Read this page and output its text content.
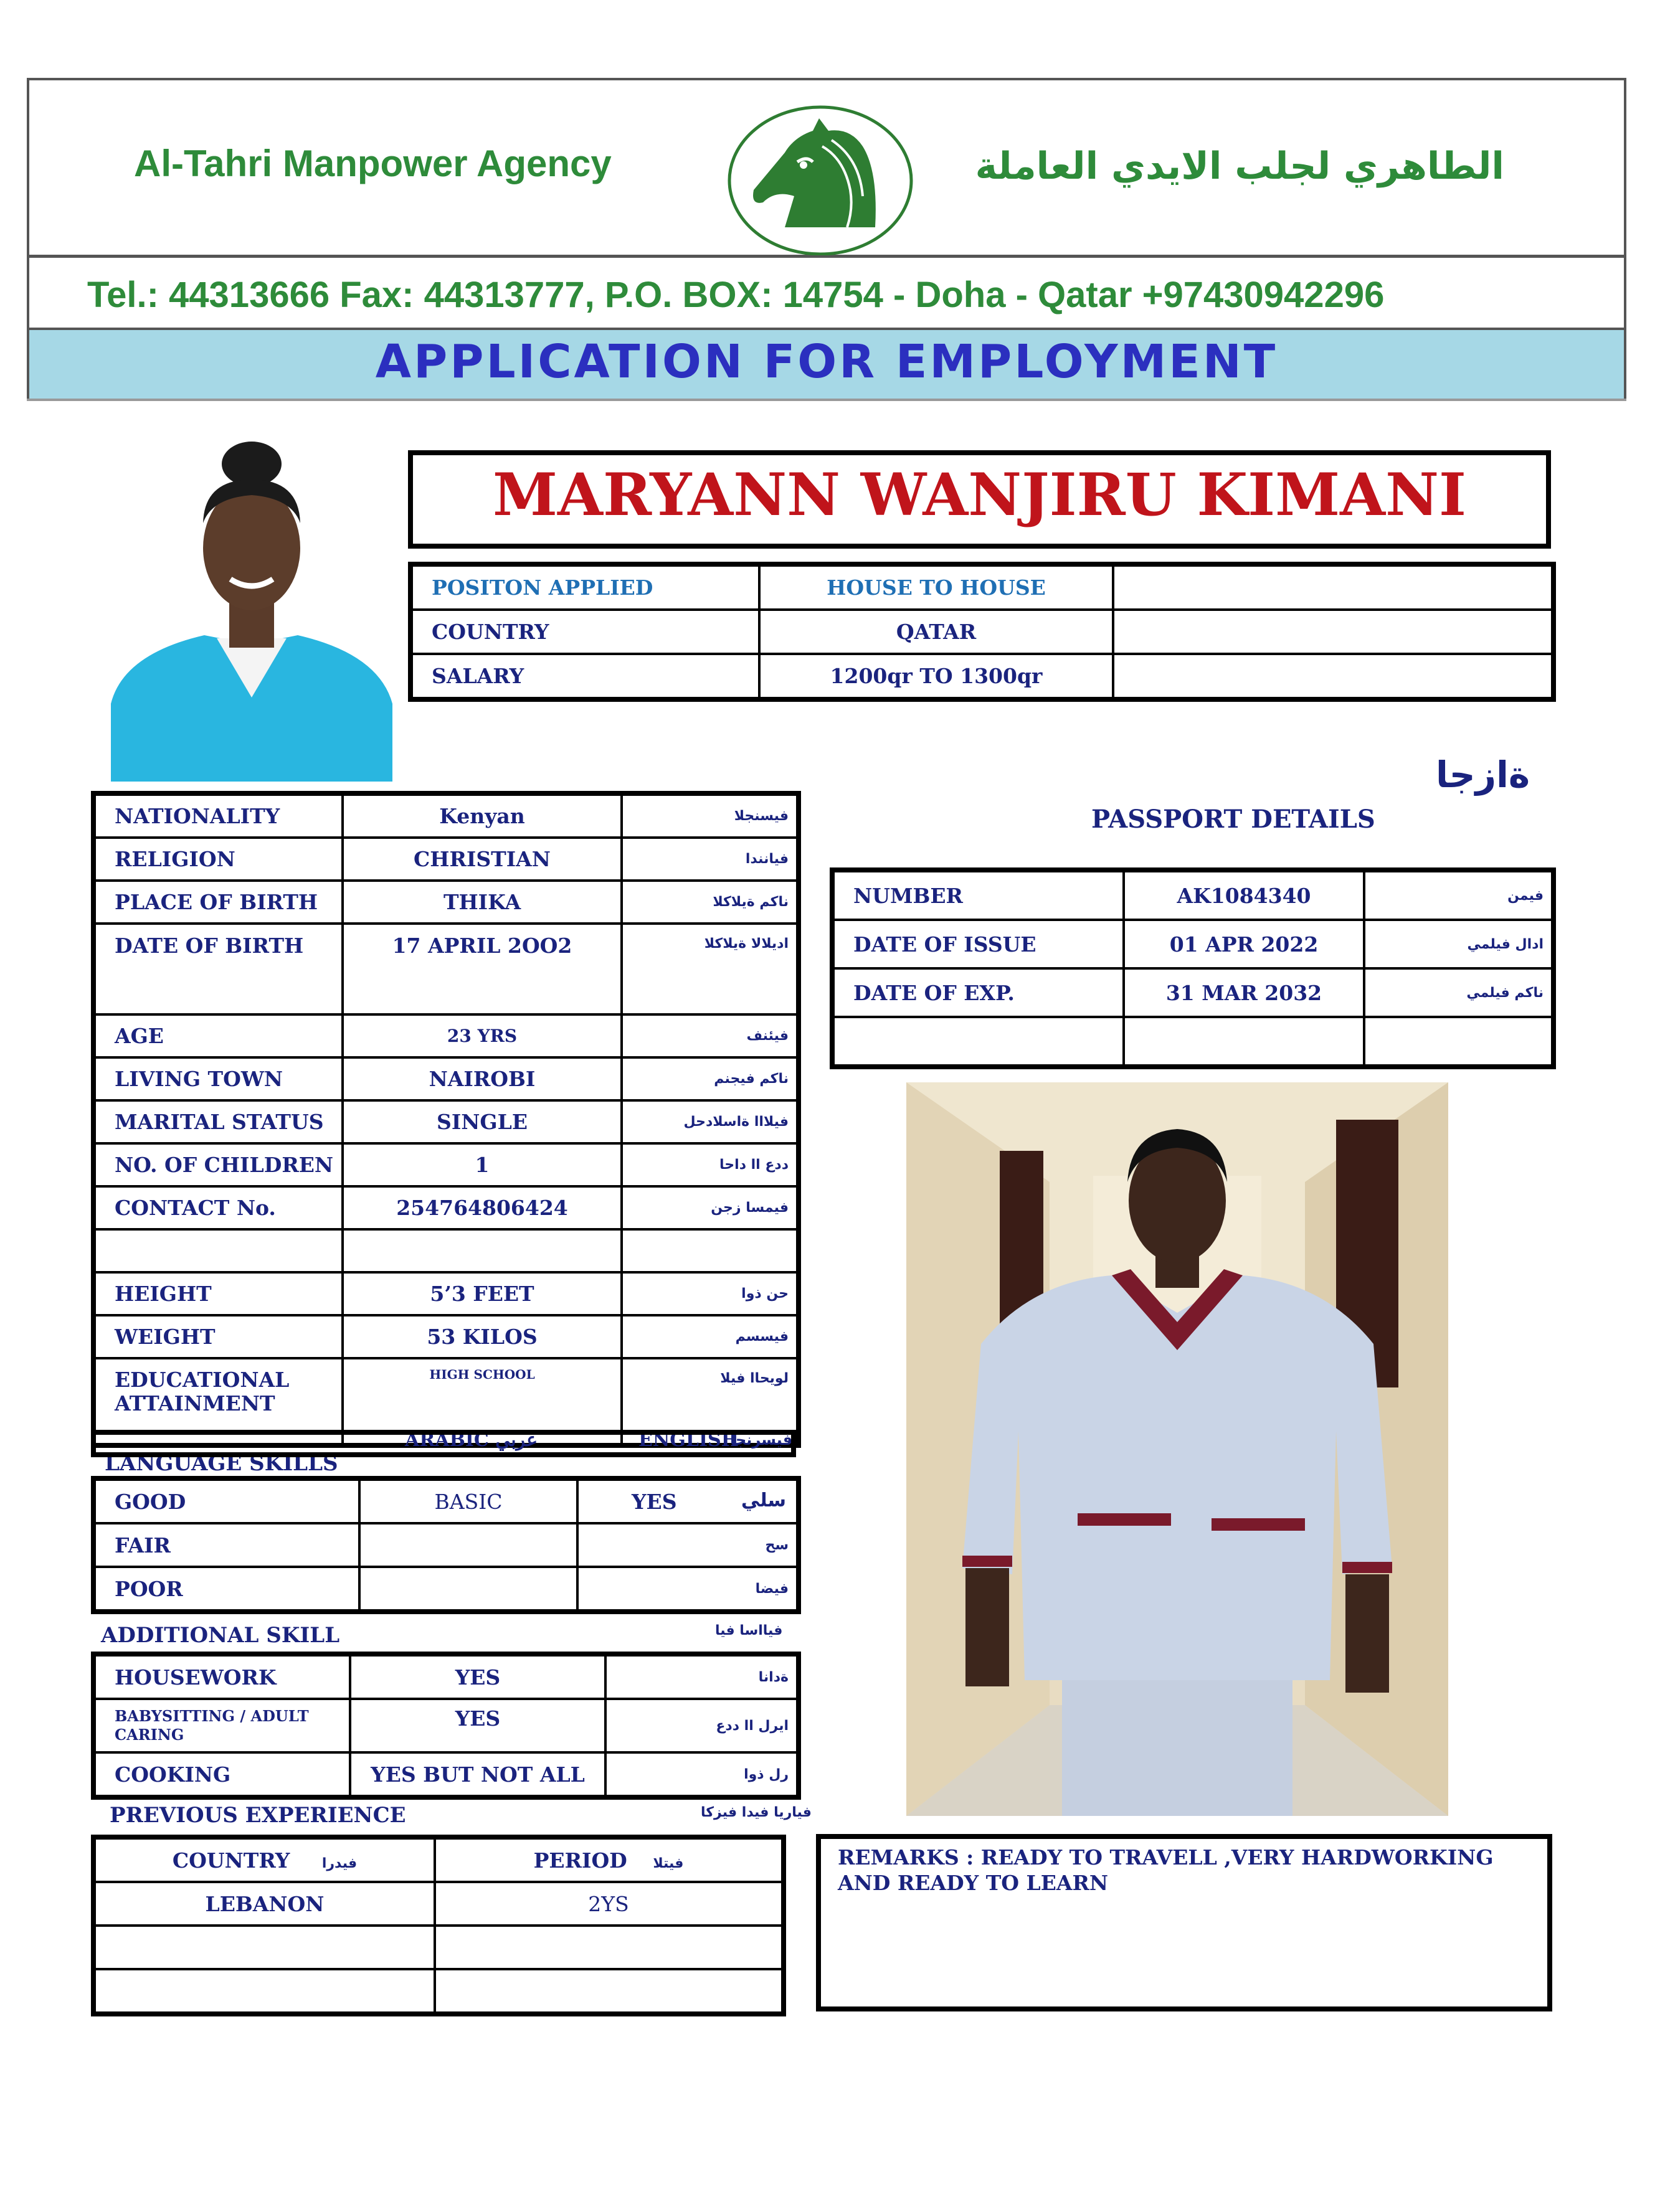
Al-Tahri Manpower Agency	الطاهري لجلب الايدي العاملة
Tel.: 44313666 Fax: 44313777, P.O. BOX: 14754 - Doha - Qatar +97430942296
APPLICATION FOR EMPLOYMENT
MARYANN WANJIRU KIMANI
POSITON APPLIED	HOUSE TO HOUSE	
COUNTRY	QATAR	
SALARY	1200qr TO 1300qr	
NATIONALITY	Kenyan	فيسنجلا
RELIGION	CHRISTIAN	فيانندا
PLACE OF BIRTH	THIKA	ناكم ةيلاكلا
DATE OF BIRTH	17 APRIL 2OO2	اديلالا ةيلاكلا
AGE	23 YRS	فيئنف
LIVING TOWN	NAIROBI	ناكم فيجنم
MARITAL STATUS	SINGLE	فيلااا ةاسلادحل
NO. OF CHILDREN	1	ددع اا داحا
CONTACT No.	254764806424	فيمسا زجن

HEIGHT	5’3 FEET	حن ذوا
WEIGHT	53 KILOS	فيسسم
EDUCATIONAL ATTAINMENT	HIGH SCHOOL	لويحاا فيلا
LANGUAGE SKILLS
ARABIC عربي	ENGLISH
فيسرنجا
GOOD	BASIC	YES سلي

FAIR		سح
POOR		فيضا
ADDITIONAL SKILL	فيااسا فيا
HOUSEWORK	YES	ةدانا
BABYSITTING / ADULT CARING	YES	ايرل اا ددع
COOKING	YES BUT NOT ALL	رل ذوا
PREVIOUS EXPERIENCE	فياريا فيدا فيزكا
COUNTRY فيدرا	PERIOD فيتلا
LEBANON	2YS

ةازجا
PASSPORT DETAILS
NUMBER	AK1084340	فيمن
DATE OF ISSUE	01 APR 2022	ادال فيلمي
DATE OF EXP.	31 MAR 2032	ناكم فيلمي

REMARKS : READY TO TRAVELL ,VERY HARDWORKING AND READY TO LEARN
